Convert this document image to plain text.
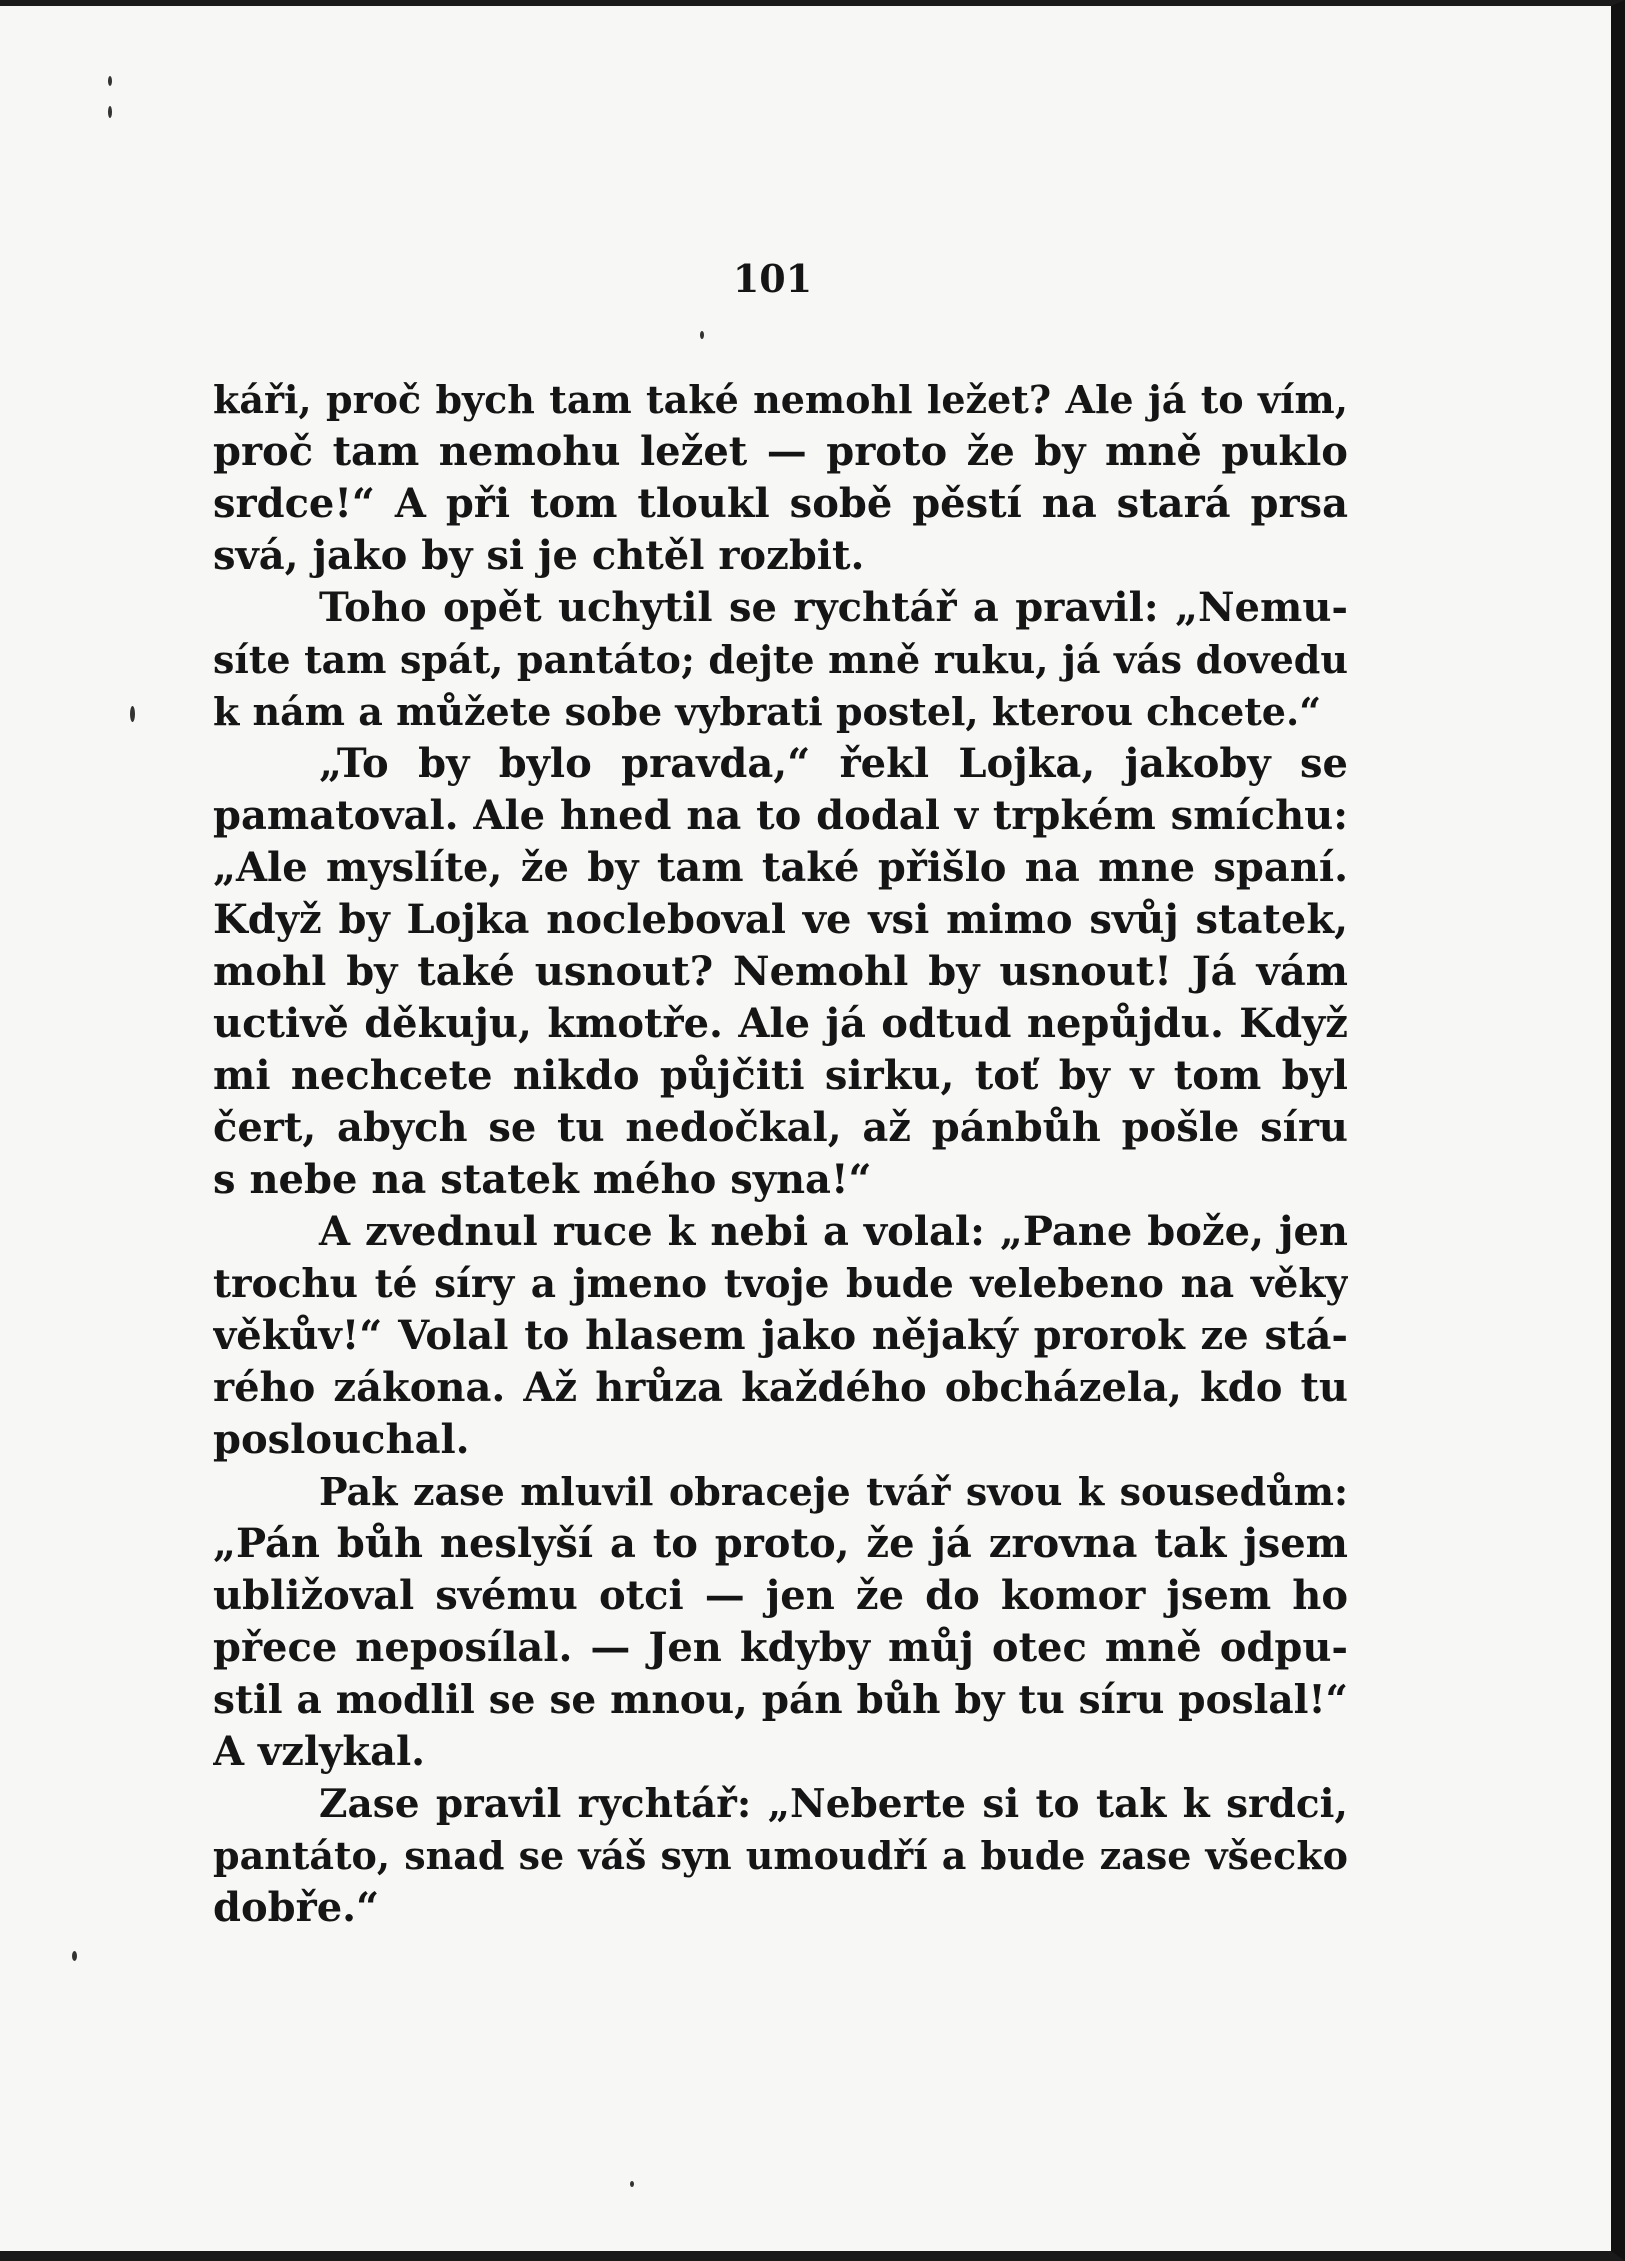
101
káři, proč bych tam také nemohl ležet? Ale já to vím,
proč tam nemohu ležet — proto že by mně puklo
srdce!“ A při tom tloukl sobě pěstí na stará prsa
svá, jako by si je chtěl rozbit.
Toho opět uchytil se rychtář a pravil: „Nemu-
síte tam spát, pantáto; dejte mně ruku, já vás dovedu
k nám a můžete sobe vybrati postel, kterou chcete.“
„To by bylo pravda,“ řekl Lojka, jakoby se
pamatoval. Ale hned na to dodal v trpkém smíchu:
„Ale myslíte, že by tam také přišlo na mne spaní.
Když by Lojka nocleboval ve vsi mimo svůj statek,
mohl by také usnout? Nemohl by usnout! Já vám
uctivě děkuju, kmotře. Ale já odtud nepůjdu. Když
mi nechcete nikdo půjčiti sirku, toť by v tom byl
čert, abych se tu nedočkal, až pánbůh pošle síru
s nebe na statek mého syna!“
A zvednul ruce k nebi a volal: „Pane bože, jen
trochu té síry a jmeno tvoje bude velebeno na věky
věkův!“ Volal to hlasem jako nějaký prorok ze stá-
rého zákona. Až hrůza každého obcházela, kdo tu
poslouchal.
Pak zase mluvil obraceje tvář svou k sousedům:
„Pán bůh neslyší a to proto, že já zrovna tak jsem
ubližoval svému otci — jen že do komor jsem ho
přece neposílal. — Jen kdyby můj otec mně odpu-
stil a modlil se se mnou, pán bůh by tu síru poslal!“
A vzlykal.
Zase pravil rychtář: „Neberte si to tak k srdci,
pantáto, snad se váš syn umoudří a bude zase všecko
dobře.“
